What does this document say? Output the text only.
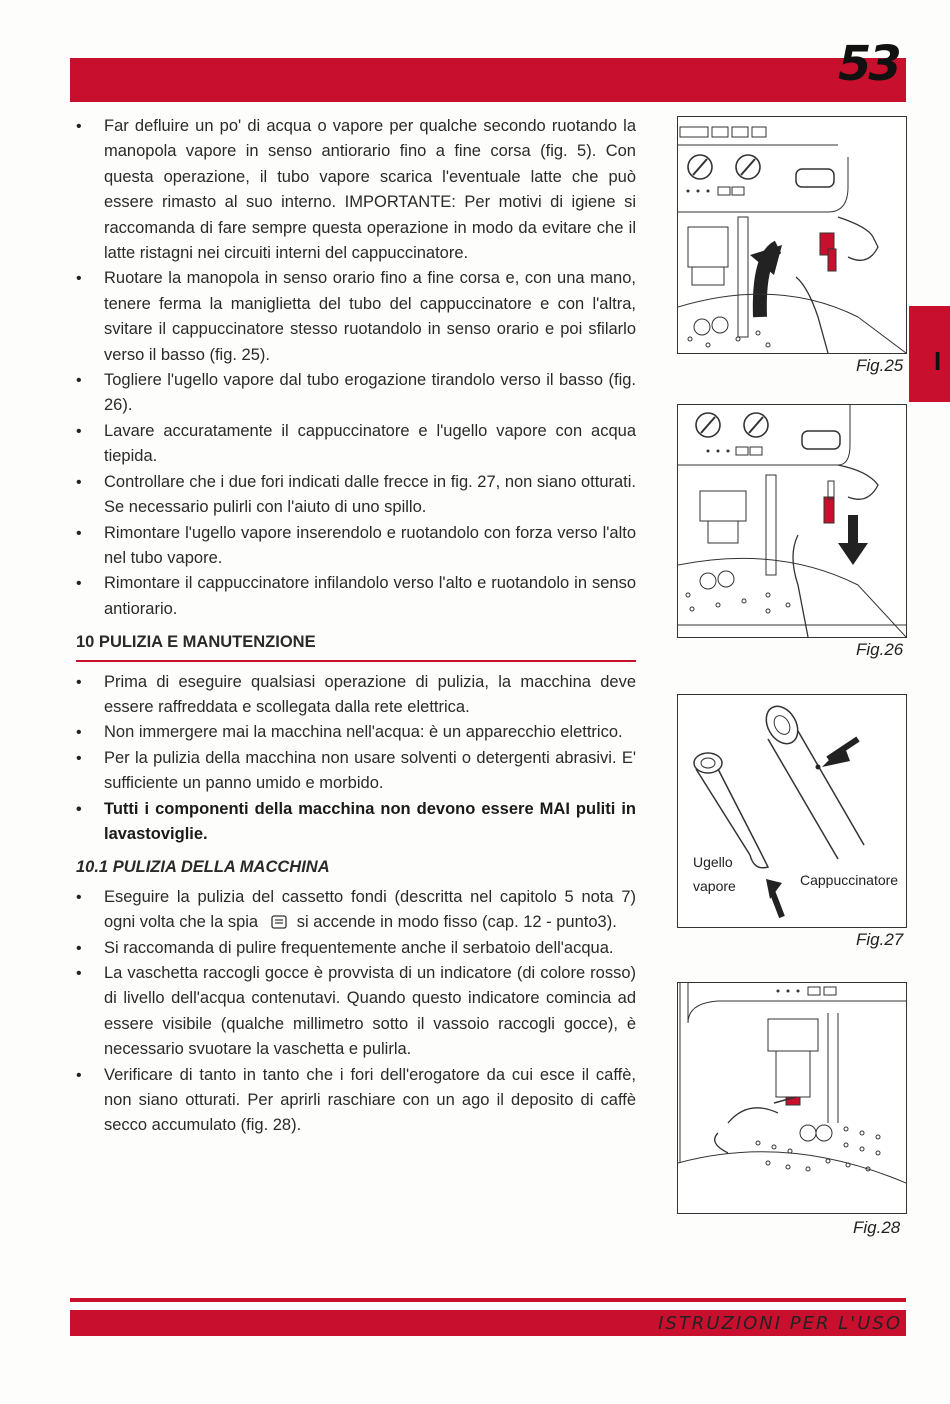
53
I
• Far defluire un po' di acqua o vapore per qualche secondo ruotando la manopola vapore in senso antiorario fino a fine corsa (fig. 5). Con questa operazione, il tubo vapore scarica l'eventuale latte che può essere rimasto al suo interno. IMPORTANTE: Per motivi di igiene si raccomanda di fare sempre questa operazione in modo da evitare che il latte ristagni nei circuiti interni del cappuccinatore.
• Ruotare la manopola in senso orario fino a fine corsa e, con una mano, tenere ferma la maniglietta del tubo del cappuccinatore e con l'altra, svitare il cappuccinatore stesso ruotandolo in senso orario e poi sfilarlo verso il basso (fig. 25).
• Togliere l'ugello vapore dal tubo erogazione tirandolo verso il basso (fig. 26).
• Lavare accuratamente il cappuccinatore e l'ugello vapore con acqua tiepida.
• Controllare che i due fori indicati dalle frecce in fig. 27, non siano otturati. Se necessario pulirli con l'aiuto di uno spillo.
• Rimontare l'ugello vapore inserendolo e ruotandolo con forza verso l'alto nel tubo vapore.
• Rimontare il cappuccinatore infilandolo verso l'alto e ruotandolo in senso antiorario.
10 PULIZIA E MANUTENZIONE
• Prima di eseguire qualsiasi operazione di pulizia, la macchina deve essere raffreddata e scollegata dalla rete elettrica.
• Non immergere mai la macchina nell'acqua: è un apparecchio elettrico.
• Per la pulizia della macchina non usare solventi o detergenti abrasivi. E' sufficiente un panno umido e morbido.
• Tutti i componenti della macchina non devono essere MAI puliti in lavastoviglie.
10.1 PULIZIA DELLA MACCHINA
• Eseguire la pulizia del cassetto fondi (descritta nel capitolo 5 nota 7) ogni volta che la spia si accende in modo fisso (cap. 12 - punto3).
• Si raccomanda di pulire frequentemente anche il serbatoio dell'acqua.
• La vaschetta raccogli gocce è provvista di un indicatore (di colore rosso) di livello dell'acqua contenutavi. Quando questo indicatore comincia ad essere visibile (qualche millimetro sotto il vassoio raccogli gocce), è necessario svuotare la vaschetta e pulirla.
• Verificare di tanto in tanto che i fori dell'erogatore da cui esce il caffè, non siano otturati. Per aprirli raschiare con un ago il deposito di caffè secco accumulato (fig. 28).
Fig.25
Fig.26
Ugello
vapore	Cappuccinatore
Fig.27
Fig.28
ISTRUZIONI PER L'USO
